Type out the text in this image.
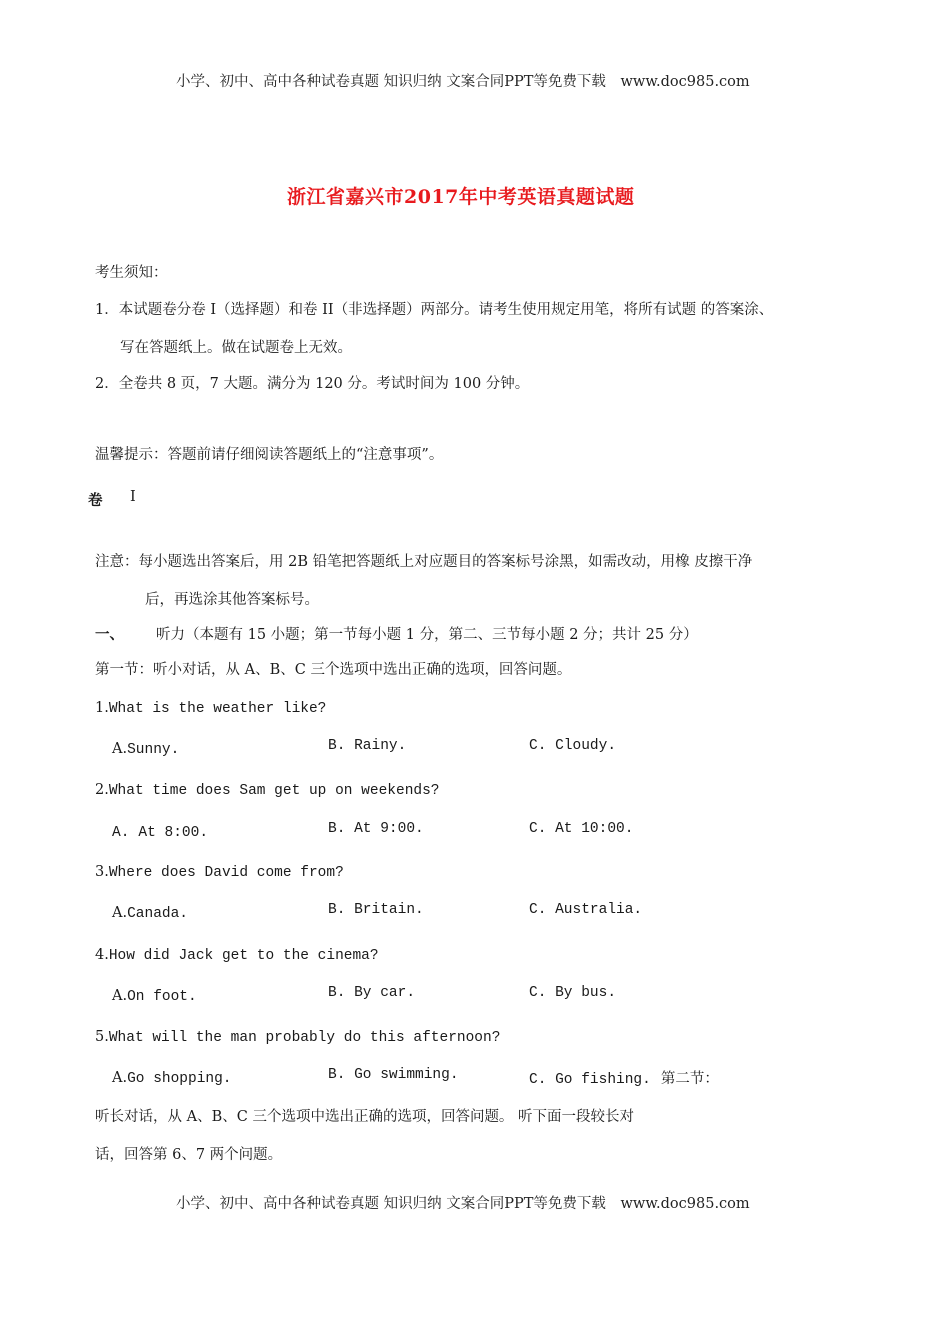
小学、初中、高中各种试卷真题 知识归纳 文案合同PPT等免费下载 www.doc985.com
浙江省嘉兴市2017年中考英语真题试题
考生须知：
1．本试题卷分卷 I（选择题）和卷 II（非选择题）两部分。请考生使用规定用笔，将所有试题 的答案涂、
写在答题纸上。做在试题卷上无效。
2．全卷共 8 页，7 大题。满分为 120 分。考试时间为 100 分钟。
温馨提示：答题前请仔细阅读答题纸上的“注意事项”。
卷 I
注意：每小题选出答案后，用 2B 铅笔把答题纸上对应题目的答案标号涂黑，如需改动，用橡 皮擦干净
后，再选涂其他答案标号。
一、 听力（本题有 15 小题；第一节每小题 1 分，第二、三节每小题 2 分；共计 25 分）
第一节：听小对话，从 A、B、C 三个选项中选出正确的选项，回答问题。
1.What is the weather like?
A.Sunny.	B. Rainy.	C. Cloudy.
2.What time does Sam get up on weekends?
A. At 8:00.	B. At 9:00.	C. At 10:00.
3.Where does David come from?
A.Canada.	B. Britain.	C. Australia.
4.How did Jack get to the cinema?
A.On foot.	B. By car.	C. By bus.
5.What will the man probably do this afternoon?
A.Go shopping.	B. Go swimming.	C. Go fishing. 第二节：
听长对话，从 A、B、C 三个选项中选出正确的选项，回答问题。 听下面一段较长对
话，回答第 6、7 两个问题。
小学、初中、高中各种试卷真题 知识归纳 文案合同PPT等免费下载 www.doc985.com
